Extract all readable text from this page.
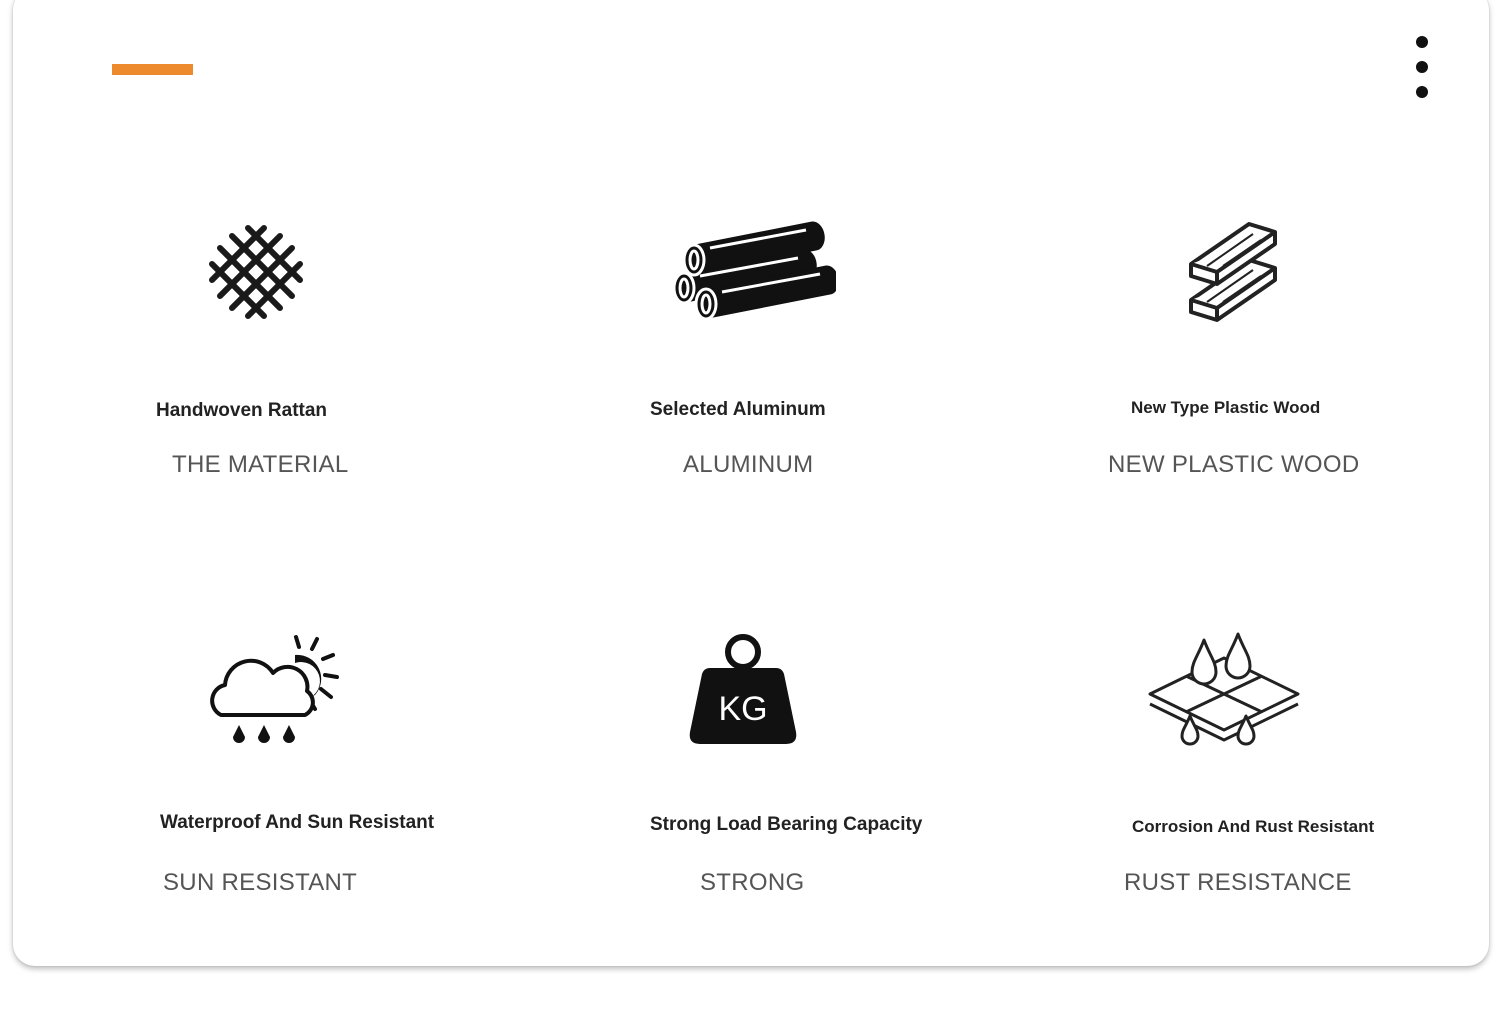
Handwoven Rattan
THE MATERIAL
Selected Aluminum
ALUMINUM
New Type Plastic Wood
NEW PLASTIC WOOD
Waterproof And Sun Resistant
SUN RESISTANT
KG
Strong Load Bearing Capacity
STRONG
Corrosion And Rust Resistant
RUST RESISTANCE
